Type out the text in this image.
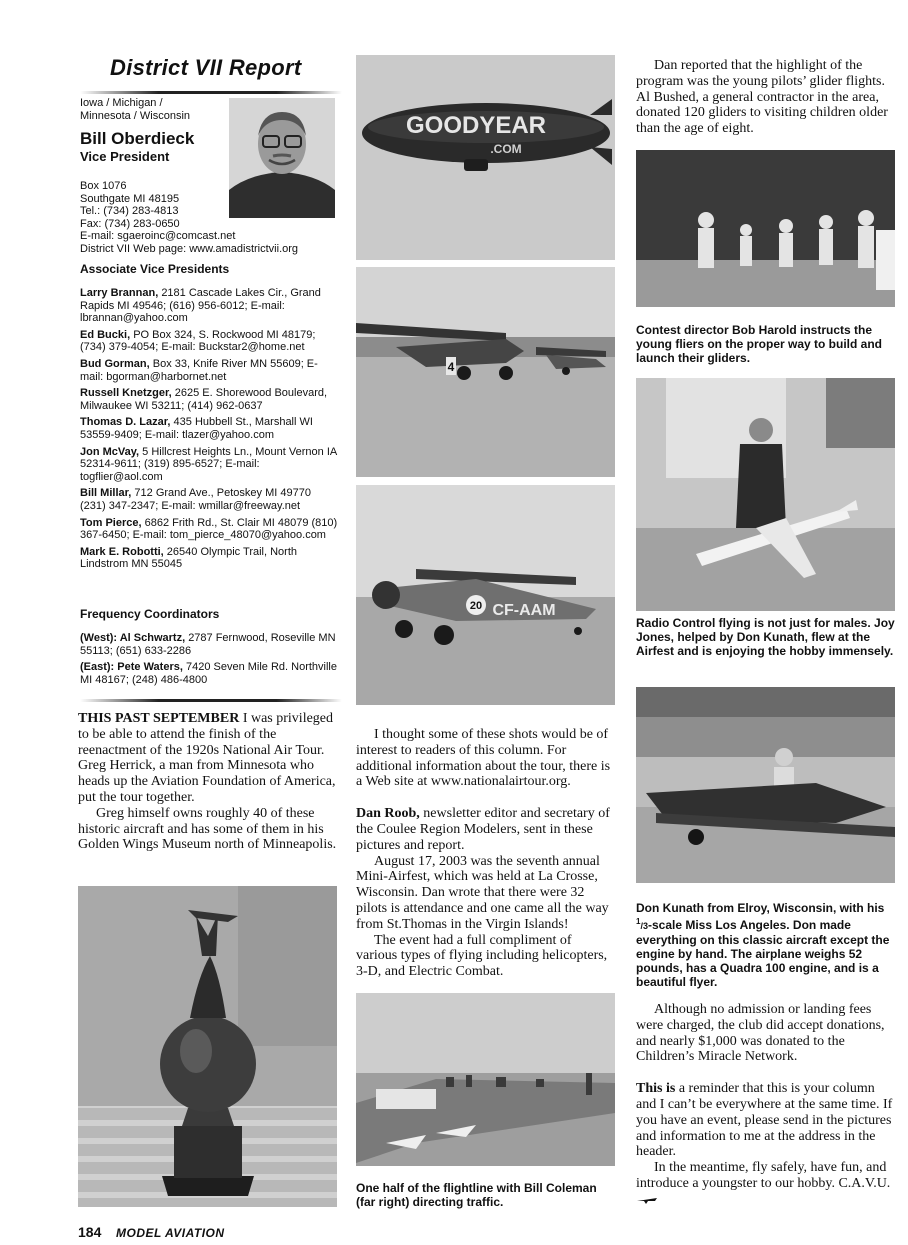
District VII Report
Iowa / Michigan /
Minnesota / Wisconsin
Bill Oberdieck
Vice President
Box 1076
Southgate MI 48195
Tel.: (734) 283-4813
Fax: (734) 283-0650
E-mail: sgaeroinc@comcast.net
District VII Web page: www.amadistrictvii.org
Associate Vice Presidents

Larry Brannan, 2181 Cascade Lakes Cir., Grand Rapids MI 49546; (616) 956-6012; E-mail: lbrannan@yahoo.com

Ed Bucki, PO Box 324, S. Rockwood MI 48179; (734) 379-4054; E-mail: Buckstar2@home.net

Bud Gorman, Box 33, Knife River MN 55609; E-mail: bgorman@harbornet.net

Russell Knetzger, 2625 E. Shorewood Boulevard, Milwaukee WI 53211; (414) 962-0637

Thomas D. Lazar, 435 Hubbell St., Marshall WI 53559-9409; E-mail: tlazer@yahoo.com

Jon McVay, 5 Hillcrest Heights Ln., Mount Vernon IA 52314-9611; (319) 895-6527; E-mail: togflier@aol.com

Bill Millar, 712 Grand Ave., Petoskey MI 49770 (231) 347-2347; E-mail: wmillar@freeway.net

Tom Pierce, 6862 Frith Rd., St. Clair MI 48079 (810) 367-6450; E-mail: tom_pierce_48070@yahoo.com

Mark E. Robotti, 26540 Olympic Trail, North Lindstrom MN 55045

Frequency Coordinators

(West): Al Schwartz, 2787 Fernwood, Roseville MN 55113; (651) 633-2286

(East): Pete Waters, 7420 Seven Mile Rd. Northville MI 48167; (248) 486-4800

THIS PAST SEPTEMBER I was privileged to be able to attend the finish of the reenactment of the 1920s National Air Tour. Greg Herrick, a man from Minnesota who heads up the Aviation Foundation of America, put the tour together.

Greg himself owns roughly 40 of these historic aircraft and has some of them in his Golden Wings Museum north of Minneapolis.

GOODYEAR
.COM
4
20 CF-AAM

I thought some of these shots would be of interest to readers of this column. For additional information about the tour, there is a Web site at www.nationalairtour.org.

Dan Roob, newsletter editor and secretary of the Coulee Region Modelers, sent in these pictures and report.

August 17, 2003 was the seventh annual Mini-Airfest, which was held at La Crosse, Wisconsin. Dan wrote that there were 32 pilots is attendance and one came all the way from St.Thomas in the Virgin Islands!

The event had a full compliment of various types of flying including helicopters, 3-D, and Electric Combat.

One half of the flightline with Bill Coleman (far right) directing traffic.

Dan reported that the highlight of the program was the young pilots’ glider flights. Al Bushed, a general contractor in the area, donated 120 gliders to visiting children older than the age of eight.

Contest director Bob Harold instructs the young fliers on the proper way to build and launch their gliders.
Radio Control flying is not just for males. Joy Jones, helped by Don Kunath, flew at the Airfest and is enjoying the hobby immensely.
Don Kunath from Elroy, Wisconsin, with his $^1$/3-scale Miss Los Angeles. Don made everything on this classic aircraft except the engine by hand. The airplane weighs 52 pounds, has a Quadra 100 engine, and is a beautiful flyer.

Although no admission or landing fees were charged, the club did accept donations, and nearly $1,000 was donated to the Children’s Miracle Network.

This is a reminder that this is your column and I can’t be everywhere at the same time. If you have an event, please send in the pictures and information to me at the address in the header.

In the meantime, fly safely, have fun, and introduce a youngster to our hobby. C.A.V.U.

184 MODEL AVIATION
